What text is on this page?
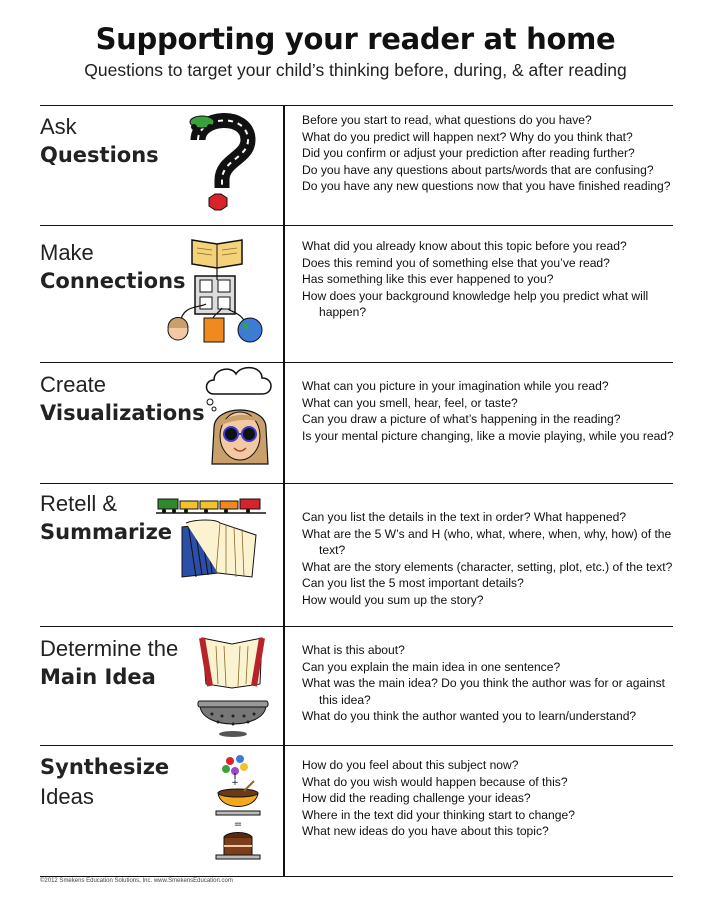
Supporting your reader at home
Questions to target your child’s thinking before, during, & after reading
Ask
Questions
Before you start to read, what questions do you have?
What do you predict will happen next? Why do you think that?
Did you confirm or adjust your prediction after reading further?
Do you have any questions about parts/words that are confusing?
Do you have any new questions now that you have finished reading?
Make
Connections
What did you already know about this topic before you read?
Does this remind you of something else that you’ve read?
Has something like this ever happened to you?
How does your background knowledge help you predict what will happen?
Create
Visualizations
What can you picture in your imagination while you read?
What can you smell, hear, feel, or taste?
Can you draw a picture of what’s happening in the reading?
Is your mental picture changing, like a movie playing, while you read?
Retell &
Summarize
Can you list the details in the text in order? What happened?
What are the 5 W’s and H (who, what, where, when, why, how) of the text?
What are the story elements (character, setting, plot, etc.) of the text?
Can you list the 5 most important details?
How would you sum up the story?
Determine the
Main Idea
What is this about?
Can you explain the main idea in one sentence?
What was the main idea? Do you think the author was for or against this idea?
What do you think the author wanted you to learn/understand?
Synthesize
Ideas
+
=
How do you feel about this subject now?
What do you wish would happen because of this?
How did the reading challenge your ideas?
Where in the text did your thinking start to change?
What new ideas do you have about this topic?
©2012 Smekens Education Solutions, Inc. www.SmekensEducation.com
